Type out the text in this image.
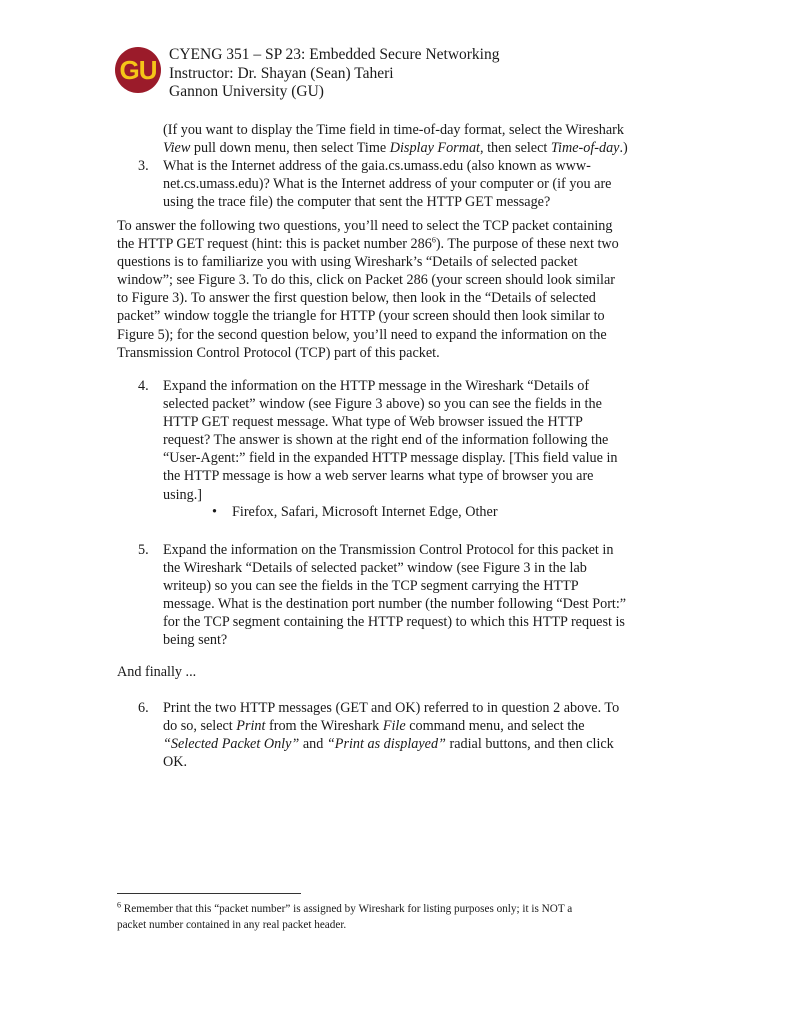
GU
CYENG 351 – SP 23: Embedded Secure Networking
Instructor: Dr. Shayan (Sean) Taheri
Gannon University (GU)
(If you want to display the Time field in time-of-day format, select the Wireshark
View pull down menu, then select Time Display Format, then select Time-of-day.)
3. What is the Internet address of the gaia.cs.umass.edu (also known as www-
net.cs.umass.edu)? What is the Internet address of your computer or (if you are
using the trace file) the computer that sent the HTTP GET message?
To answer the following two questions, you’ll need to select the TCP packet containing
the HTTP GET request (hint: this is packet number $286^6$). The purpose of these next two
questions is to familiarize you with using Wireshark’s “Details of selected packet
window”; see Figure 3. To do this, click on Packet 286 (your screen should look similar
to Figure 3). To answer the first question below, then look in the “Details of selected
packet” window toggle the triangle for HTTP (your screen should then look similar to
Figure 5); for the second question below, you’ll need to expand the information on the
Transmission Control Protocol (TCP) part of this packet.
4. Expand the information on the HTTP message in the Wireshark “Details of
selected packet” window (see Figure 3 above) so you can see the fields in the
HTTP GET request message. What type of Web browser issued the HTTP
request? The answer is shown at the right end of the information following the
“User-Agent:” field in the expanded HTTP message display. [This field value in
the HTTP message is how a web server learns what type of browser you are
using.]
• Firefox, Safari, Microsoft Internet Edge, Other
5. Expand the information on the Transmission Control Protocol for this packet in
the Wireshark “Details of selected packet” window (see Figure 3 in the lab
writeup) so you can see the fields in the TCP segment carrying the HTTP
message. What is the destination port number (the number following “Dest Port:”
for the TCP segment containing the HTTP request) to which this HTTP request is
being sent?
And finally ...
6. Print the two HTTP messages (GET and OK) referred to in question 2 above. To
do so, select Print from the Wireshark File command menu, and select the
“Selected Packet Only” and “Print as displayed” radial buttons, and then click
OK.
$^6$ Remember that this “packet number” is assigned by Wireshark for listing purposes only; it is NOT a
packet number contained in any real packet header.
